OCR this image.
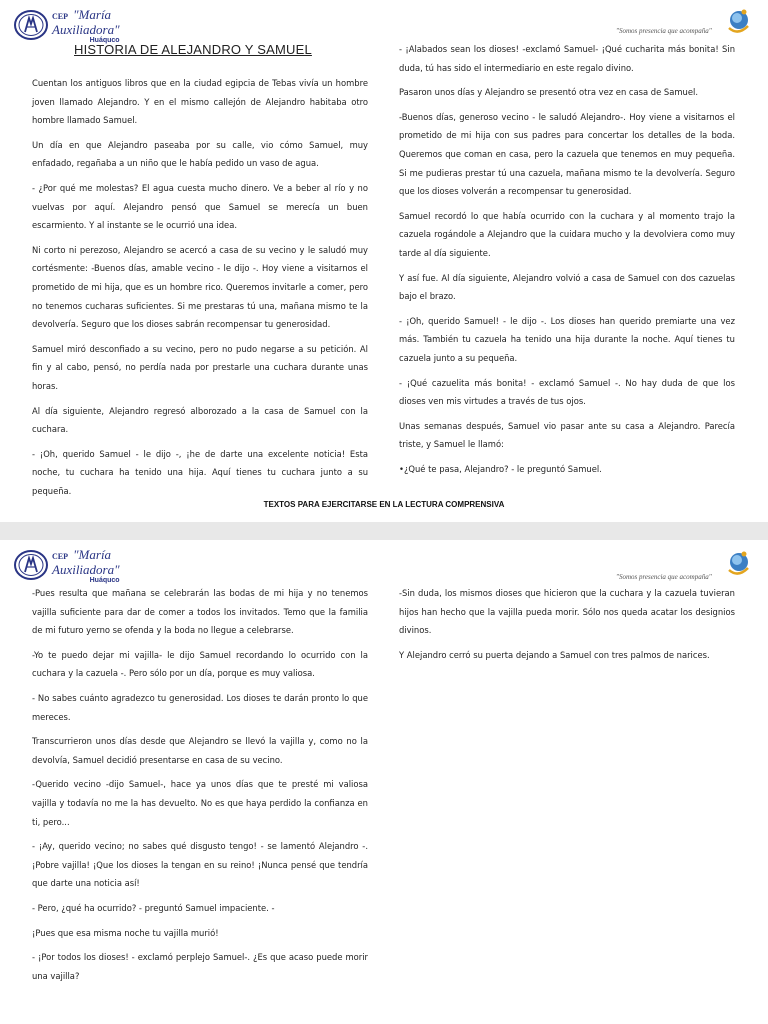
CEP "María
Auxiliadora"
Huáquco
"Somos presencia que acompaña"
HISTORIA DE ALEJANDRO Y SAMUEL

Cuentan los antiguos libros que en la ciudad egipcia de Tebas vivía un hombre joven llamado Alejandro. Y en el mismo callejón de Alejandro habitaba otro hombre llamado Samuel.

Un día en que Alejandro paseaba por su calle, vio cómo Samuel, muy enfadado, regañaba a un niño que le había pedido un vaso de agua.

- ¿Por qué me molestas? El agua cuesta mucho dinero. Ve a beber al río y no vuelvas por aquí. Alejandro pensó que Samuel se merecía un buen escarmiento. Y al instante se le ocurrió una idea.

Ni corto ni perezoso, Alejandro se acercó a casa de su vecino y le saludó muy cortésmente: -Buenos días, amable vecino - le dijo -. Hoy viene a visitarnos el prometido de mi hija, que es un hombre rico. Queremos invitarle a comer, pero no tenemos cucharas suficientes. Si me prestaras tú una, mañana mismo te la devolvería. Seguro que los dioses sabrán recompensar tu generosidad.

Samuel miró desconfiado a su vecino, pero no pudo negarse a su petición. Al fin y al cabo, pensó, no perdía nada por prestarle una cuchara durante unas horas.

Al día siguiente, Alejandro regresó alborozado a la casa de Samuel con la cuchara.

- ¡Oh, querido Samuel - le dijo -, ¡he de darte una excelente noticia! Esta noche, tu cuchara ha tenido una hija. Aquí tienes tu cuchara junto a su pequeña.

- ¡Alabados sean los dioses! -exclamó Samuel- ¡Qué cucharita más bonita! Sin duda, tú has sido el intermediario en este regalo divino.

Pasaron unos días y Alejandro se presentó otra vez en casa de Samuel.

-Buenos días, generoso vecino - le saludó Alejandro-. Hoy viene a visitarnos el prometido de mi hija con sus padres para concertar los detalles de la boda. Queremos que coman en casa, pero la cazuela que tenemos en muy pequeña. Si me pudieras prestar tú una cazuela, mañana mismo te la devolvería. Seguro que los dioses volverán a recompensar tu generosidad.

Samuel recordó lo que había ocurrido con la cuchara y al momento trajo la cazuela rogándole a Alejandro que la cuidara mucho y la devolviera como muy tarde al día siguiente.

Y así fue. Al día siguiente, Alejandro volvió a casa de Samuel con dos cazuelas bajo el brazo.

- ¡Oh, querido Samuel! - le dijo -. Los dioses han querido premiarte una vez más. También tu cazuela ha tenido una hija durante la noche. Aquí tienes tu cazuela junto a su pequeña.

- ¡Qué cazuelita más bonita! - exclamó Samuel -. No hay duda de que los dioses ven mis virtudes a través de tus ojos.

Unas semanas después, Samuel vio pasar ante su casa a Alejandro. Parecía triste, y Samuel le llamó:

•¿Qué te pasa, Alejandro? - le preguntó Samuel.

TEXTOS PARA EJERCITARSE EN LA LECTURA COMPRENSIVA
CEP "María
Auxiliadora"
Huáquco	"Somos presencia que acompaña"

-Pues resulta que mañana se celebrarán las bodas de mi hija y no tenemos vajilla suficiente para dar de comer a todos los invitados. Temo que la familia de mi futuro yerno se ofenda y la boda no llegue a celebrarse.

-Yo te puedo dejar mi vajilla- le dijo Samuel recordando lo ocurrido con la cuchara y la cazuela -. Pero sólo por un día, porque es muy valiosa.

- No sabes cuánto agradezco tu generosidad. Los dioses te darán pronto lo que mereces.

Transcurrieron unos días desde que Alejandro se llevó la vajilla y, como no la devolvía, Samuel decidió presentarse en casa de su vecino.

-Querido vecino -dijo Samuel-, hace ya unos días que te presté mi valiosa vajilla y todavía no me la has devuelto. No es que haya perdido la confianza en ti, pero...

- ¡Ay, querido vecino; no sabes qué disgusto tengo! - se lamentó Alejandro -. ¡Pobre vajilla! ¡Que los dioses la tengan en su reino! ¡Nunca pensé que tendría que darte una noticia así!

- Pero, ¿qué ha ocurrido? - preguntó Samuel impaciente. -

¡Pues que esa misma noche tu vajilla murió!

- ¡Por todos los dioses! - exclamó perplejo Samuel-. ¿Es que acaso puede morir una vajilla?

-Sin duda, los mismos dioses que hicieron que la cuchara y la cazuela tuvieran hijos han hecho que la vajilla pueda morir. Sólo nos queda acatar los designios divinos.

Y Alejandro cerró su puerta dejando a Samuel con tres palmos de narices.
